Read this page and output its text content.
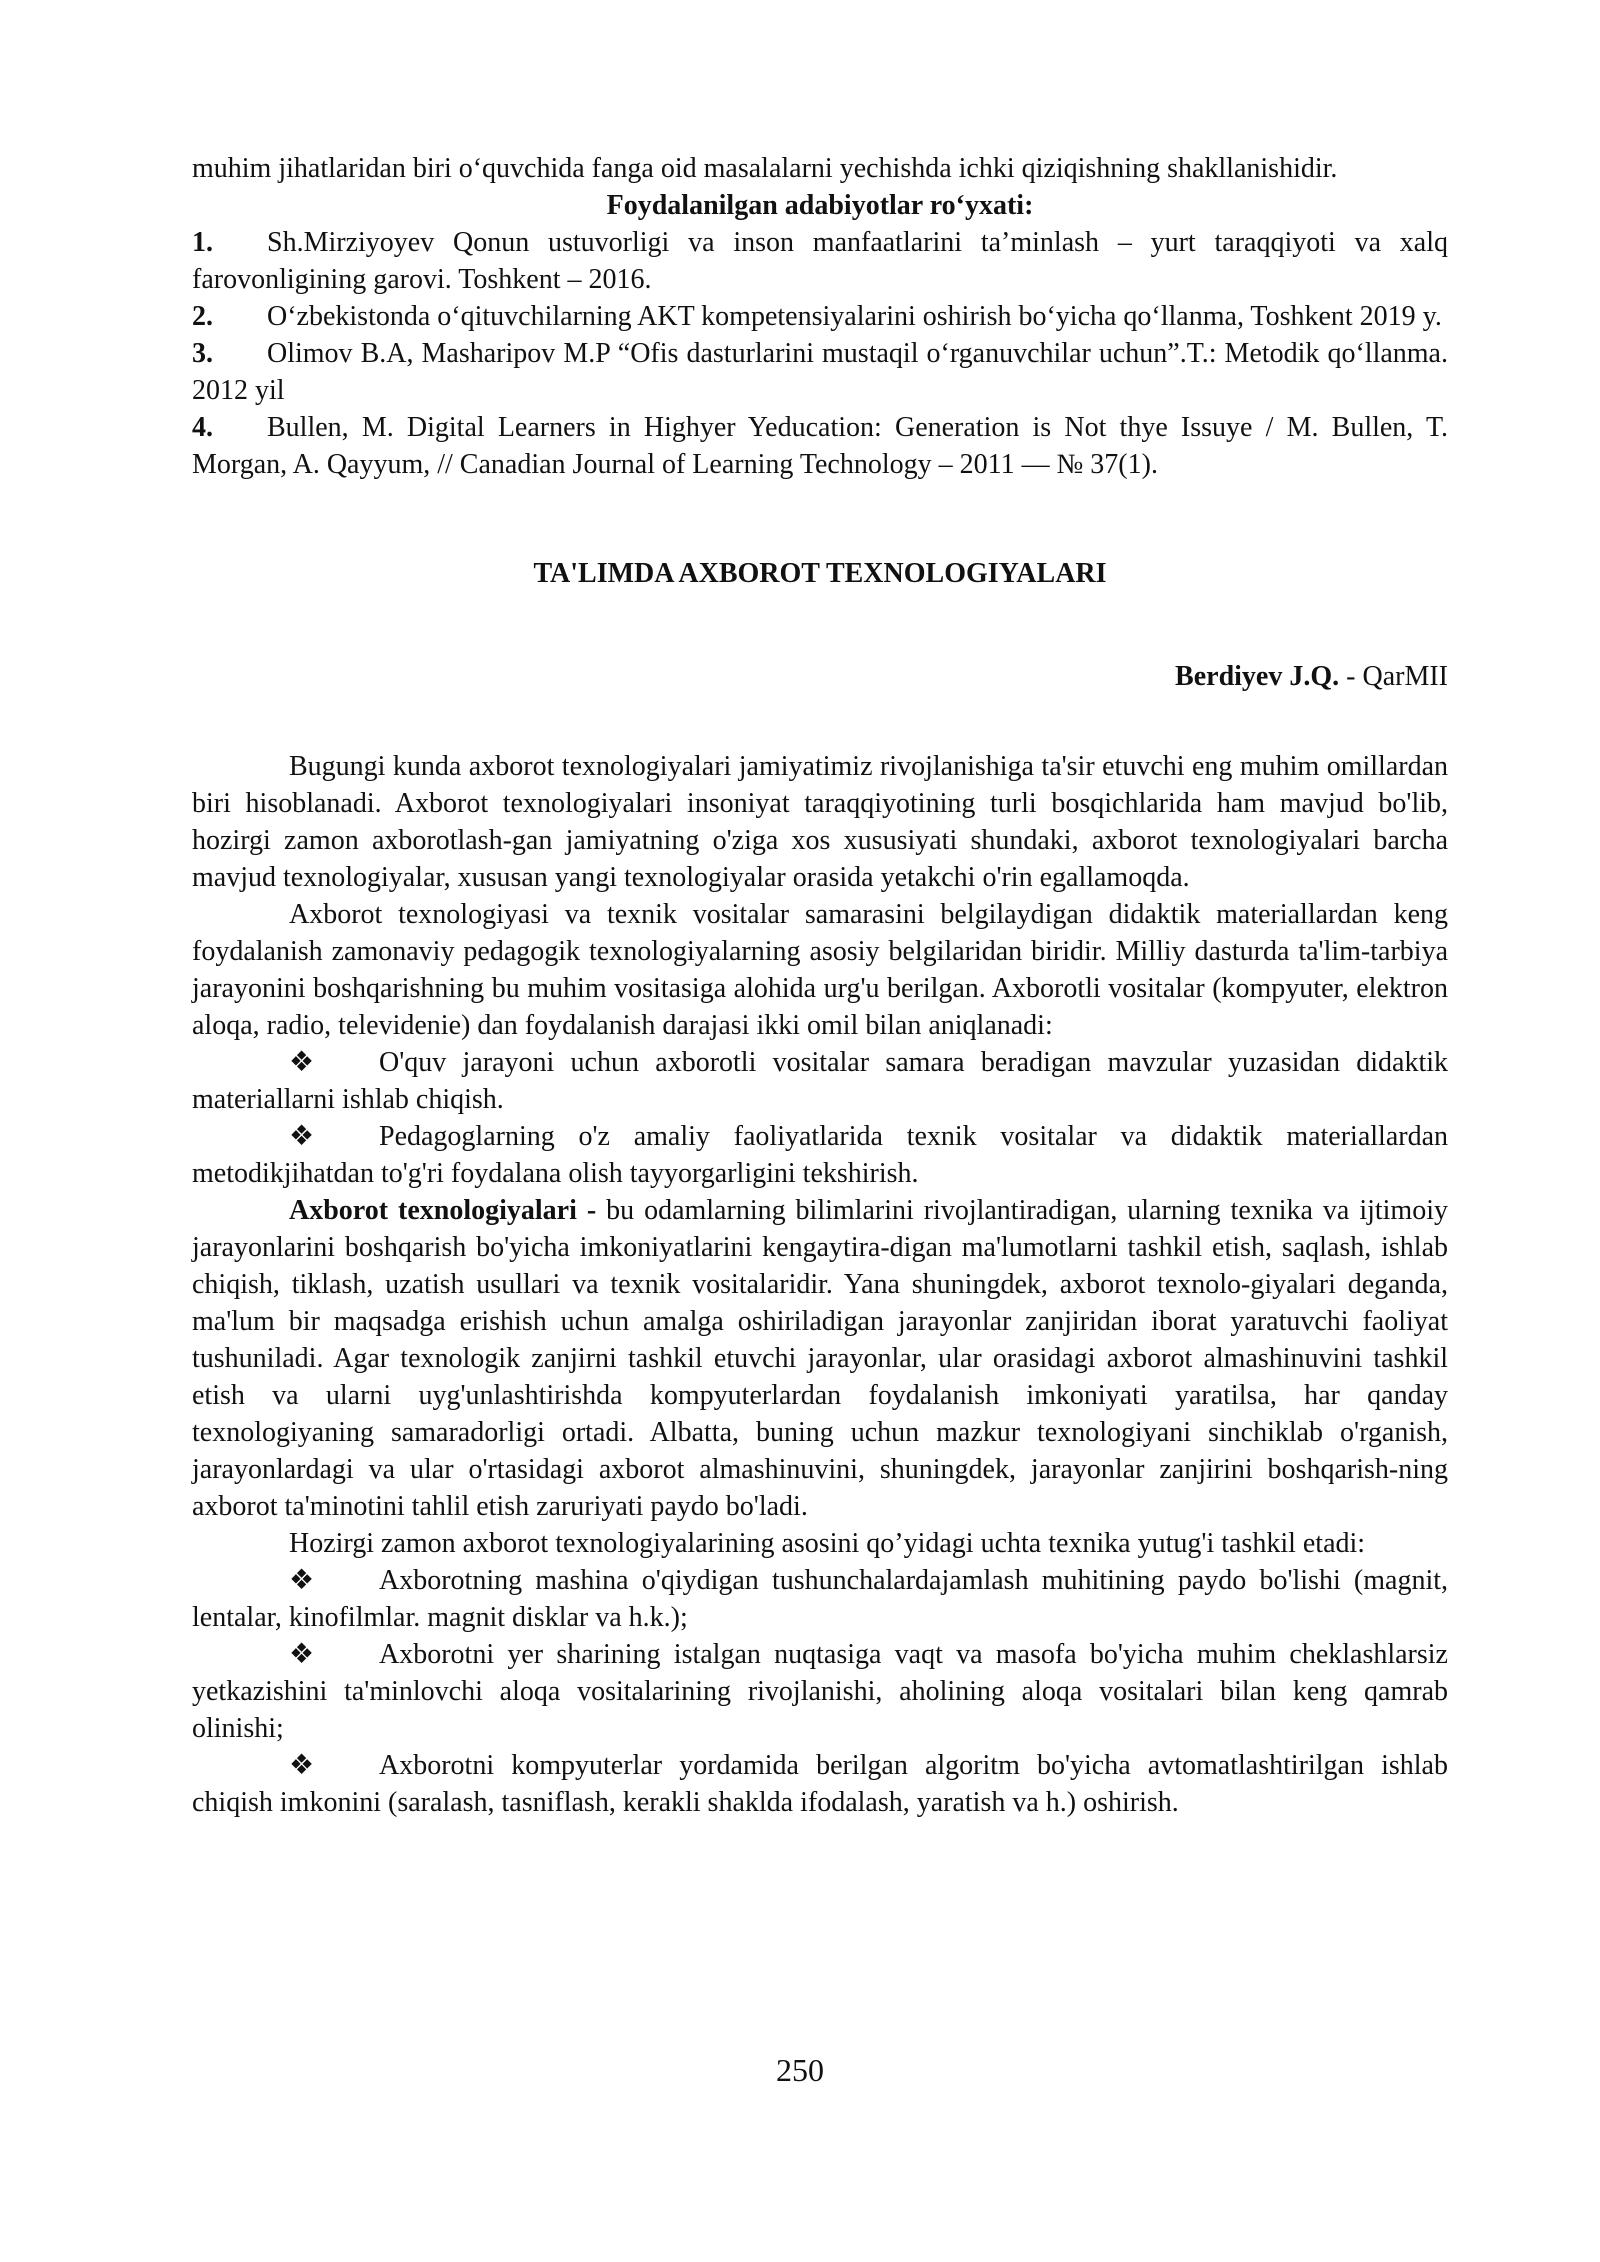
muhim jihatlaridan biri o‘quvchida fanga oid masalalarni yechishda ichki qiziqishning shakllanishidir.

Foydalanilgan adabiyotlar ro‘yxati:

1. Sh.Mirziyoyev Qonun ustuvorligi va inson manfaatlarini ta’minlash – yurt taraqqiyoti va xalq farovonligining garovi. Toshkent – 2016.

2. O‘zbekistonda o‘qituvchilarning AKT kompetensiyalarini oshirish bo‘yicha qo‘llanma, Toshkent 2019 y.

3. Olimov B.A, Masharipov M.P “Ofis dasturlarini mustaqil o‘rganuvchilar uchun”.T.: Metodik qo‘llanma. 2012 yil

4. Bullen, M. Digital Learners in Highyer Yeducation: Generation is Not thye Issuye / M. Bullen, T. Morgan, A. Qayyum, // Canadian Journal of Learning Technology – 2011 — № 37(1).

TA'LIMDA AXBOROT TEXNOLOGIYALARI

Berdiyev J.Q. - QarMII

Bugungi kunda axborot texnologiyalari jamiyatimiz rivojlanishiga ta'sir etuvchi eng muhim omillardan biri hisoblanadi. Axborot texnologiyalari insoniyat taraqqiyotining turli bosqichlarida ham mavjud bo'lib, hozirgi zamon axborotlash-gan jamiyatning o'ziga xos xususiyati shundaki, axborot texnologiyalari barcha mavjud texnologiyalar, xususan yangi texnologiyalar orasida yetakchi o'rin egallamoqda.

Axborot texnologiyasi va texnik vositalar samarasini belgilaydigan didaktik materiallardan keng foydalanish zamonaviy pedagogik texnologiyalarning asosiy belgilaridan biridir. Milliy dasturda ta'lim-tarbiya jarayonini boshqarishning bu muhim vositasiga alohida urg'u berilgan. Axborotli vositalar (kompyuter, elektron aloqa, radio, televidenie) dan foydalanish darajasi ikki omil bilan aniqlanadi:

❖ O'quv jarayoni uchun axborotli vositalar samara beradigan mavzular yuzasidan didaktik materiallarni ishlab chiqish.

❖ Pedagoglarning o'z amaliy faoliyatlarida texnik vositalar va didaktik materiallardan metodikjihatdan to'g'ri foydalana olish tayyorgarligini tekshirish.

Axborot texnologiyalari - bu odamlarning bilimlarini rivojlantiradigan, ularning texnika va ijtimoiy jarayonlarini boshqarish bo'yicha imkoniyatlarini kengaytira-digan ma'lumotlarni tashkil etish, saqlash, ishlab chiqish, tiklash, uzatish usullari va texnik vositalaridir. Yana shuningdek, axborot texnolo-giyalari deganda, ma'lum bir maqsadga erishish uchun amalga oshiriladigan jarayonlar zanjiridan iborat yaratuvchi faoliyat tushuniladi. Agar texnologik zanjirni tashkil etuvchi jarayonlar, ular orasidagi axborot almashinuvini tashkil etish va ularni uyg'unlashtirishda kompyuterlardan foydalanish imkoniyati yaratilsa, har qanday texnologiyaning samaradorligi ortadi. Albatta, buning uchun mazkur texnologiyani sinchiklab o'rganish, jarayonlardagi va ular o'rtasidagi axborot almashinuvini, shuningdek, jarayonlar zanjirini boshqarish-ning axborot ta'minotini tahlil etish zaruriyati paydo bo'ladi.

Hozirgi zamon axborot texnologiyalarining asosini qo’yidagi uchta texnika yutug'i tashkil etadi:

❖ Axborotning mashina o'qiydigan tushunchalardajamlash muhitining paydo bo'lishi (magnit, lentalar, kinofilmlar. magnit disklar va h.k.);

❖ Axborotni yer sharining istalgan nuqtasiga vaqt va masofa bo'yicha muhim cheklashlarsiz yetkazishini ta'minlovchi aloqa vositalarining rivojlanishi, aholining aloqa vositalari bilan keng qamrab olinishi;

❖ Axborotni kompyuterlar yordamida berilgan algoritm bo'yicha avtomatlashtirilgan ishlab chiqish imkonini (saralash, tasniflash, kerakli shaklda ifodalash, yaratish va h.) oshirish.

250
